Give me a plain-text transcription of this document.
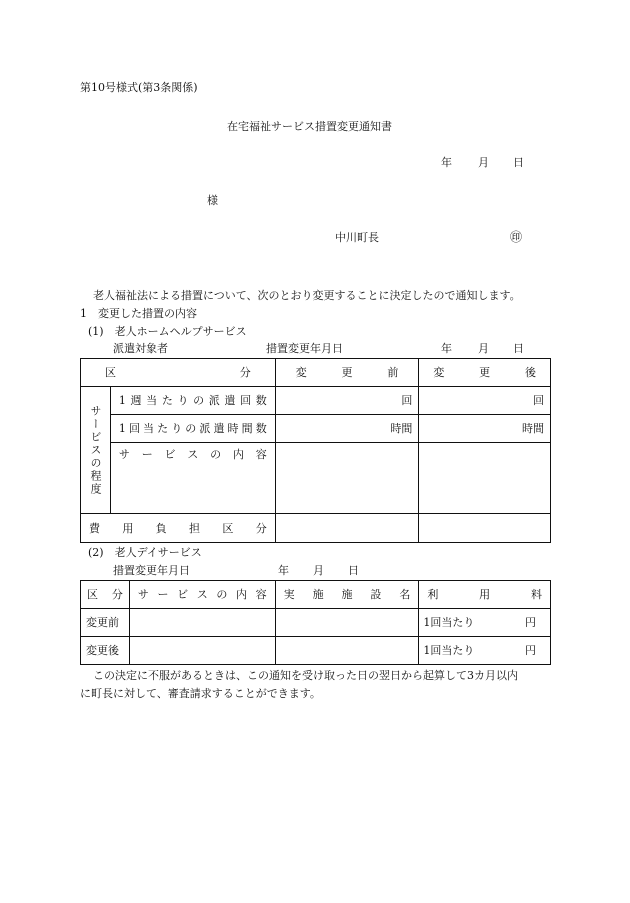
第10号様式(第3条関係)
在宅福祉サービス措置変更通知書
年 月 日
様
中川町長	㊞
老人福祉法による措置について、次のとおり変更することに決定したので通知します。
1　変更した措置の内容
(1)　老人ホームヘルプサービス
派遣対象者	措置変更年月日	年 月 日
区 分		変更前	変更後

サービスの程度	1週当たりの派遣回数	回	回

	1回当たりの派遣時間数	時間	時間

	サービスの内容		

費用負担区分			

(2)　老人デイサービス
措置変更年月日	年 月 日
区分	サービスの内容	実施施設名	利用料

変更前			1回当たり 円

変更後			1回当たり 円
この決定に不服があるときは、この通知を受け取った日の翌日から起算して3カ月以内
に町長に対して、審査請求することができます。
